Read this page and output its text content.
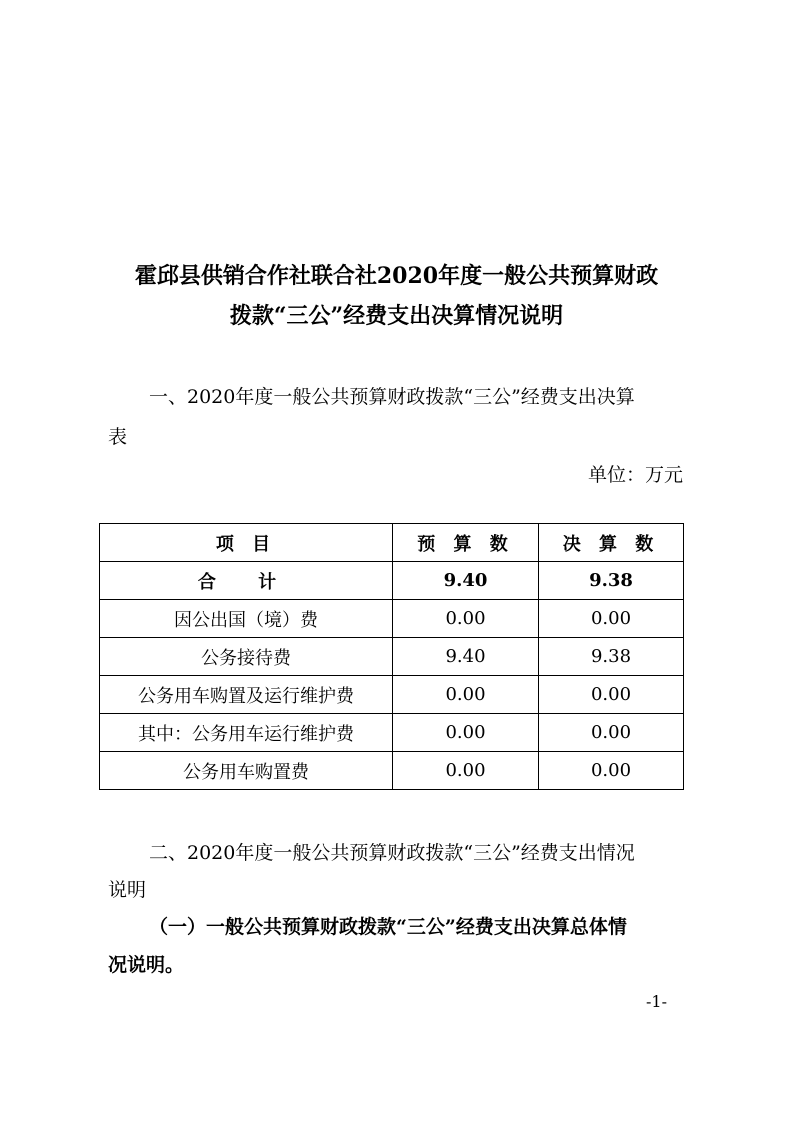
霍邱县供销合作社联合社2020年度一般公共预算财政
拨款“三公”经费支出决算情况说明
一、2020年度一般公共预算财政拨款“三公”经费支出决算
表
单位：万元
项 目	预 算 数	决 算 数
合 计	9.40	9.38
因公出国（境）费	0.00	0.00
公务接待费	9.40	9.38
公务用车购置及运行维护费	0.00	0.00
其中：公务用车运行维护费	0.00	0.00
公务用车购置费	0.00	0.00
二、2020年度一般公共预算财政拨款“三公”经费支出情况
说明
（一）一般公共预算财政拨款“三公”经费支出决算总体情
况说明。
-1-
